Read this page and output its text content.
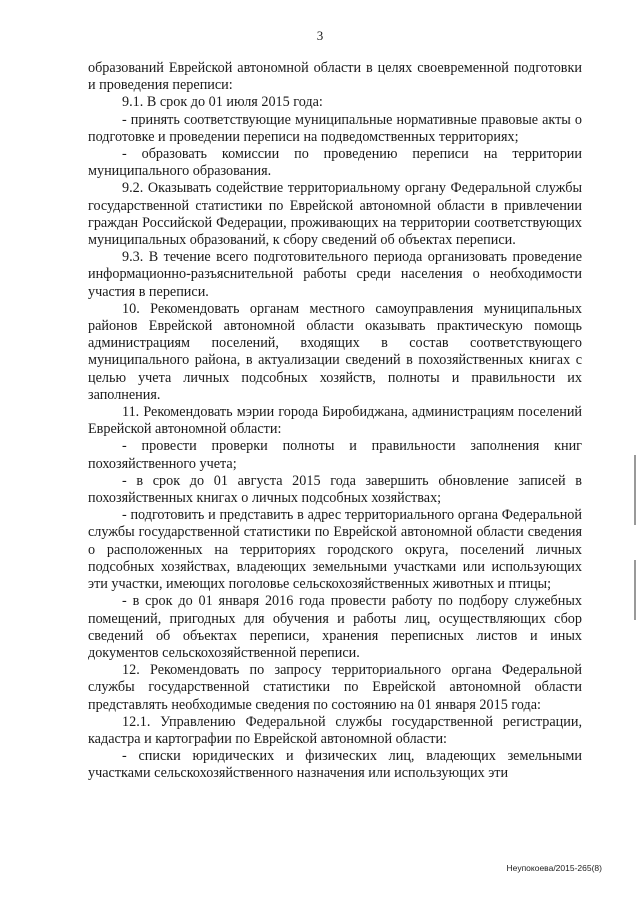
3

образований Еврейской автономной области в целях своевременной подготовки и проведения переписи:

9.1. В срок до 01 июля 2015 года:

- принять соответствующие муниципальные нормативные правовые акты о подготовке и проведении переписи на подведомственных территориях;

- образовать комиссии по проведению переписи на территории муниципального образования.

9.2. Оказывать содействие территориальному органу Федеральной службы государственной статистики по Еврейской автономной области в привлечении граждан Российской Федерации, проживающих на территории соответствующих муниципальных образований, к сбору сведений об объектах переписи.

9.3. В течение всего подготовительного периода организовать проведение информационно-разъяснительной работы среди населения о необходимости участия в переписи.

10. Рекомендовать органам местного самоуправления муниципальных районов Еврейской автономной области оказывать практическую помощь администрациям поселений, входящих в состав соответствующего муниципального района, в актуализации сведений в похозяйственных книгах с целью учета личных подсобных хозяйств, полноты и правильности их заполнения.

11. Рекомендовать мэрии города Биробиджана, администрациям поселений Еврейской автономной области:

- провести проверки полноты и правильности заполнения книг похозяйственного учета;

- в срок до 01 августа 2015 года завершить обновление записей в похозяйственных книгах о личных подсобных хозяйствах;

- подготовить и представить в адрес территориального органа Федеральной службы государственной статистики по Еврейской автономной области сведения о расположенных на территориях городского округа, поселений личных подсобных хозяйствах, владеющих земельными участками или использующих эти участки, имеющих поголовье сельскохозяйственных животных и птицы;

- в срок до 01 января 2016 года провести работу по подбору служебных помещений, пригодных для обучения и работы лиц, осуществляющих сбор сведений об объектах переписи, хранения переписных листов и иных документов сельскохозяйственной переписи.

12. Рекомендовать по запросу территориального органа Федеральной службы государственной статистики по Еврейской автономной области представлять необходимые сведения по состоянию на 01 января 2015 года:

12.1. Управлению Федеральной службы государственной регистрации, кадастра и картографии по Еврейской автономной области:

- списки юридических и физических лиц, владеющих земельными участками сельскохозяйственного назначения или использующих эти

Неупокоева/2015-265(8)
